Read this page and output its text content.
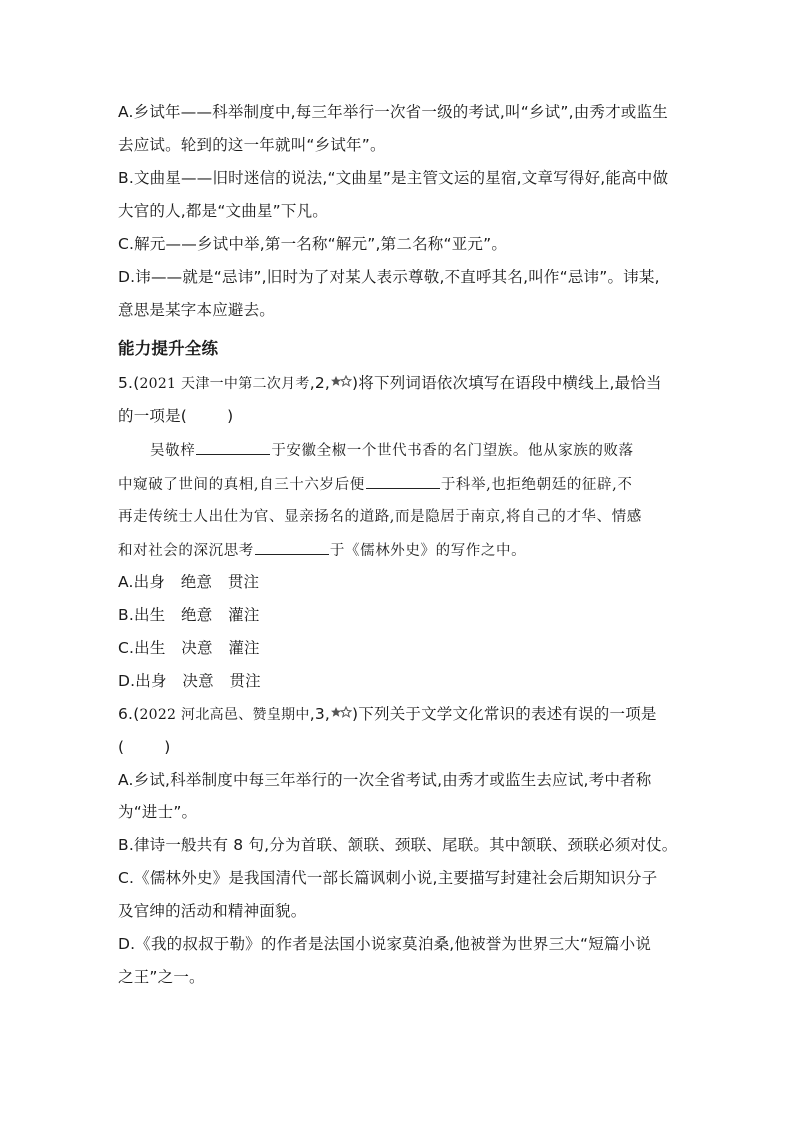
A.乡试年——科举制度中,每三年举行一次省一级的考试,叫“乡试”,由秀才或监生
去应试。轮到的这一年就叫“乡试年”。
B.文曲星——旧时迷信的说法,“文曲星”是主管文运的星宿,文章写得好,能高中做
大官的人,都是“文曲星”下凡。
C.解元——乡试中举,第一名称“解元”,第二名称“亚元”。
D.讳——就是“忌讳”,旧时为了对某人表示尊敬,不直呼其名,叫作“忌讳”。讳某,
意思是某字本应避去。
能力提升全练
5.(2021 天津一中第二次月考,2, )将下列词语依次填写在语段中横线上,最恰当
的一项是(	)
吴敬梓	于安徽全椒一个世代书香的名门望族。他从家族的败落
中窥破了世间的真相,自三十六岁后便	于科举,也拒绝朝廷的征辟,不
再走传统士人出仕为官、显亲扬名的道路,而是隐居于南京,将自己的才华、情感
和对社会的深沉思考	于《儒林外史》的写作之中。
A.出身　绝意　贯注
B.出生　绝意　灌注
C.出生　决意　灌注
D.出身　决意　贯注
6.(2022 河北高邑、赞皇期中,3, )下列关于文学文化常识的表述有误的一项是
(	)
A.乡试,科举制度中每三年举行的一次全省考试,由秀才或监生去应试,考中者称
为“进士”。
B.律诗一般共有 8 句,分为首联、颔联、颈联、尾联。其中颔联、颈联必须对仗。
C.《儒林外史》是我国清代一部长篇讽刺小说,主要描写封建社会后期知识分子
及官绅的活动和精神面貌。
D.《我的叔叔于勒》的作者是法国小说家莫泊桑,他被誉为世界三大“短篇小说
之王”之一。
